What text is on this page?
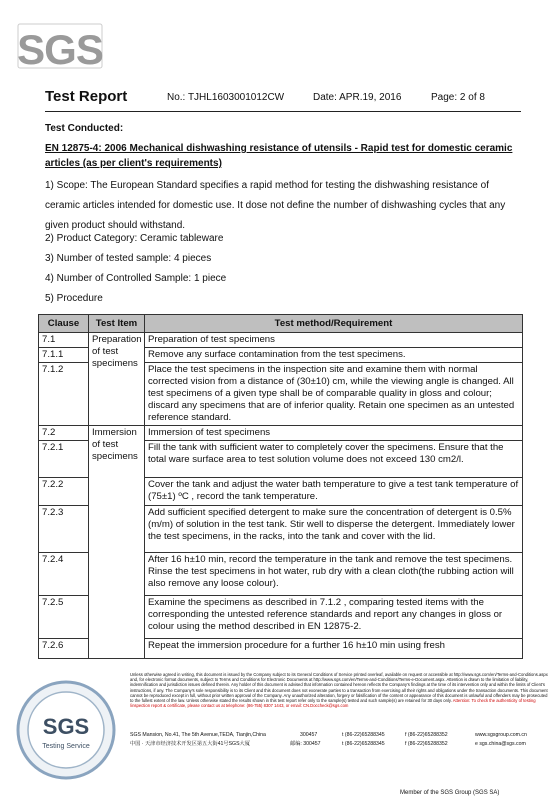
SGS
Test Report	No.: TJHL1603001012CW	Date: APR.19, 2016	Page: 2 of 8
Test Conducted:
EN 12875-4: 2006 Mechanical dishwashing resistance of utensils - Rapid test for domestic ceramic articles (as per client's requirements)
1) Scope: The European Standard specifies a rapid method for testing the dishwashing resistance of ceramic articles intended for domestic use. It dose not define the number of dishwashing cycles that any given product should withstand.
2) Product Category: Ceramic tableware
3) Number of tested sample: 4 pieces
4) Number of Controlled Sample: 1 piece
5) Procedure
Clause	Test Item	Test method/Requirement
7.1	Preparation of test specimens	Preparation of test specimens
7.1.1		Remove any surface contamination from the test specimens.
7.1.2		Place the test specimens in the inspection site and examine them with normal corrected vision from a distance of (30±10) cm, while the viewing angle is changed. All test specimens of a given type shall be of comparable quality in gloss and colour; discard any specimens that are of inferior quality. Retain one specimen as an untested reference standard.
7.2	Immersion of test specimens	Immersion of test specimens
7.2.1		Fill the tank with sufficient water to completely cover the specimens. Ensure that the total ware surface area to test solution volume does not exceed 130 cm2/l.
7.2.2		Cover the tank and adjust the water bath temperature to give a test tank temperature of (75±1) ºC , record the tank temperature.
7.2.3		Add sufficient specified detergent to make sure the concentration of detergent is 0.5% (m/m) of solution in the test tank. Stir well to disperse the detergent. Immediately lower the test specimens, in the racks, into the tank and cover with the lid.
7.2.4		After 16 h±10 min, record the temperature in the tank and remove the test specimens. Rinse the test specimens in hot water, rub dry with a clean cloth(the rubbing action will also remove any loose colour).
7.2.5		Examine the specimens as described in 7.1.2 , comparing tested items with the corresponding the untested reference standards and report any changes in gloss or colour using the method described in EN 12875-2.
7.2.6		Repeat the immersion procedure for a further 16 h±10 min using fresh
SGS
Testing Service
Unless otherwise agreed in writing, this document is issued by the Company subject to its General Conditions of Service printed overleaf, available on request or accessible at http://www.sgs.com/en/Terms-and-Conditions.aspx and, for electronic format documents, subject to Terms and Conditions for Electronic Documents at http://www.sgs.com/en/Terms-and-Conditions/Terms-e-Document.aspx. Attention is drawn to the limitation of liability, indemnification and jurisdiction issues defined therein. Any holder of this document is advised that information contained hereon reflects the Company's findings at the time of its intervention only and within the limits of Client's instructions, if any. The Company's sole responsibility is to its Client and this document does not exonerate parties to a transaction from exercising all their rights and obligations under the transaction documents. This document cannot be reproduced except in full, without prior written approval of the Company. Any unauthorized alteration, forgery or falsification of the content or appearance of this document is unlawful and offenders may be prosecuted to the fullest extent of the law. Unless otherwise stated the results shown in this test report refer only to the sample(s) tested and such sample(s) are retained for 30 days only. Attention: To check the authenticity of testing /inspection report & certificate, please contact us at telephone: (86-755) 8307 1443, or email: CN.Doccheck@sgs.com
SGS Mansion, No.41, The 5th Avenue,TEDA, Tianjin,China
中国 · 天津市经济技术开发区第五大街41号SGS大厦
300457
邮编: 300457
t (86-22)65288345
t (86-22)65288345
f (86-22)65288352
f (86-22)65288352
www.sgsgroup.com.cn
e sgs.china@sgs.com
Member of the SGS Group (SGS SA)
